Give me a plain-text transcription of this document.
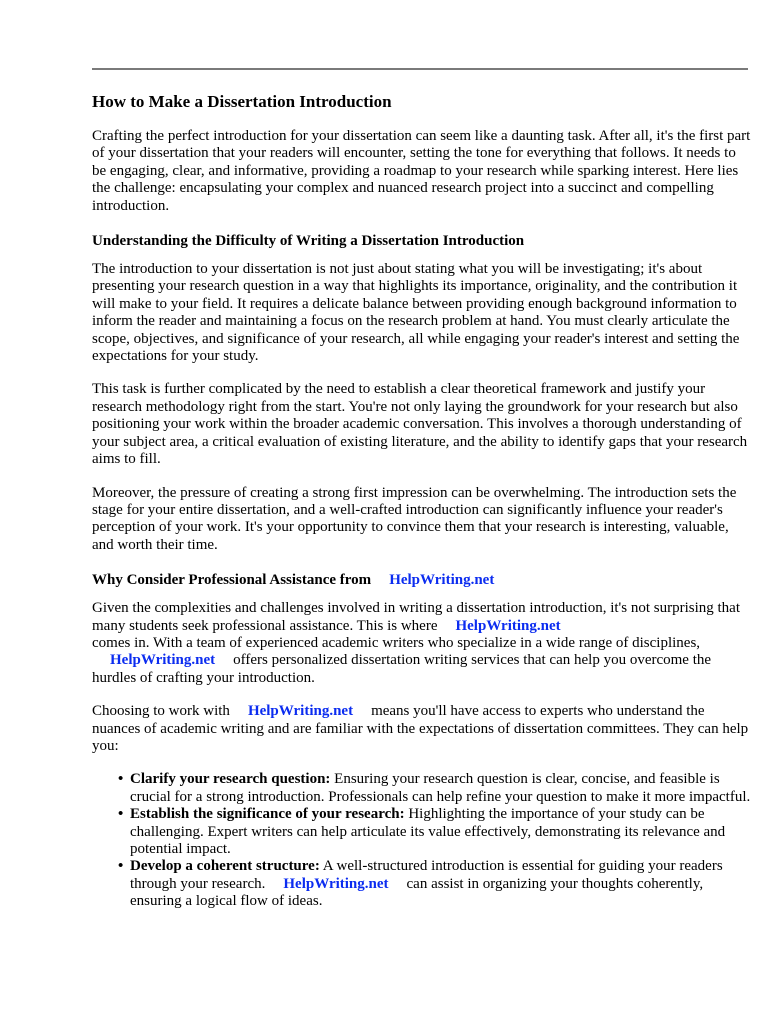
How to Make a Dissertation Introduction

Crafting the perfect introduction for your dissertation can seem like a daunting task. After all, it's the first part of your dissertation that your readers will encounter, setting the tone for everything that follows. It needs to be engaging, clear, and informative, providing a roadmap to your research while sparking interest. Here lies the challenge: encapsulating your complex and nuanced research project into a succinct and compelling introduction.

Understanding the Difficulty of Writing a Dissertation Introduction

The introduction to your dissertation is not just about stating what you will be investigating; it's about presenting your research question in a way that highlights its importance, originality, and the contribution it will make to your field. It requires a delicate balance between providing enough background information to inform the reader and maintaining a focus on the research problem at hand. You must clearly articulate the scope, objectives, and significance of your research, all while engaging your reader's interest and setting the expectations for your study.

This task is further complicated by the need to establish a clear theoretical framework and justify your research methodology right from the start. You're not only laying the groundwork for your research but also positioning your work within the broader academic conversation. This involves a thorough understanding of your subject area, a critical evaluation of existing literature, and the ability to identify gaps that your research aims to fill.

Moreover, the pressure of creating a strong first impression can be overwhelming. The introduction sets the stage for your entire dissertation, and a well-crafted introduction can significantly influence your reader's perception of your work. It's your opportunity to convince them that your research is interesting, valuable, and worth their time.

Why Consider Professional Assistance from HelpWriting.net

Given the complexities and challenges involved in writing a dissertation introduction, it's not surprising that many students seek professional assistance. This is where HelpWriting.net
comes in. With a team of experienced academic writers who specialize in a wide range of disciplines,
HelpWriting.net offers personalized dissertation writing services that can help you overcome the hurdles of crafting your introduction.

Choosing to work with HelpWriting.net means you'll have access to experts who understand the nuances of academic writing and are familiar with the expectations of dissertation committees. They can help you:

• Clarify your research question: Ensuring your research question is clear, concise, and feasible is crucial for a strong introduction. Professionals can help refine your question to make it more impactful.
• Establish the significance of your research: Highlighting the importance of your study can be challenging. Expert writers can help articulate its value effectively, demonstrating its relevance and potential impact.
• Develop a coherent structure: A well-structured introduction is essential for guiding your readers through your research. HelpWriting.net can assist in organizing your thoughts coherently, ensuring a logical flow of ideas.
